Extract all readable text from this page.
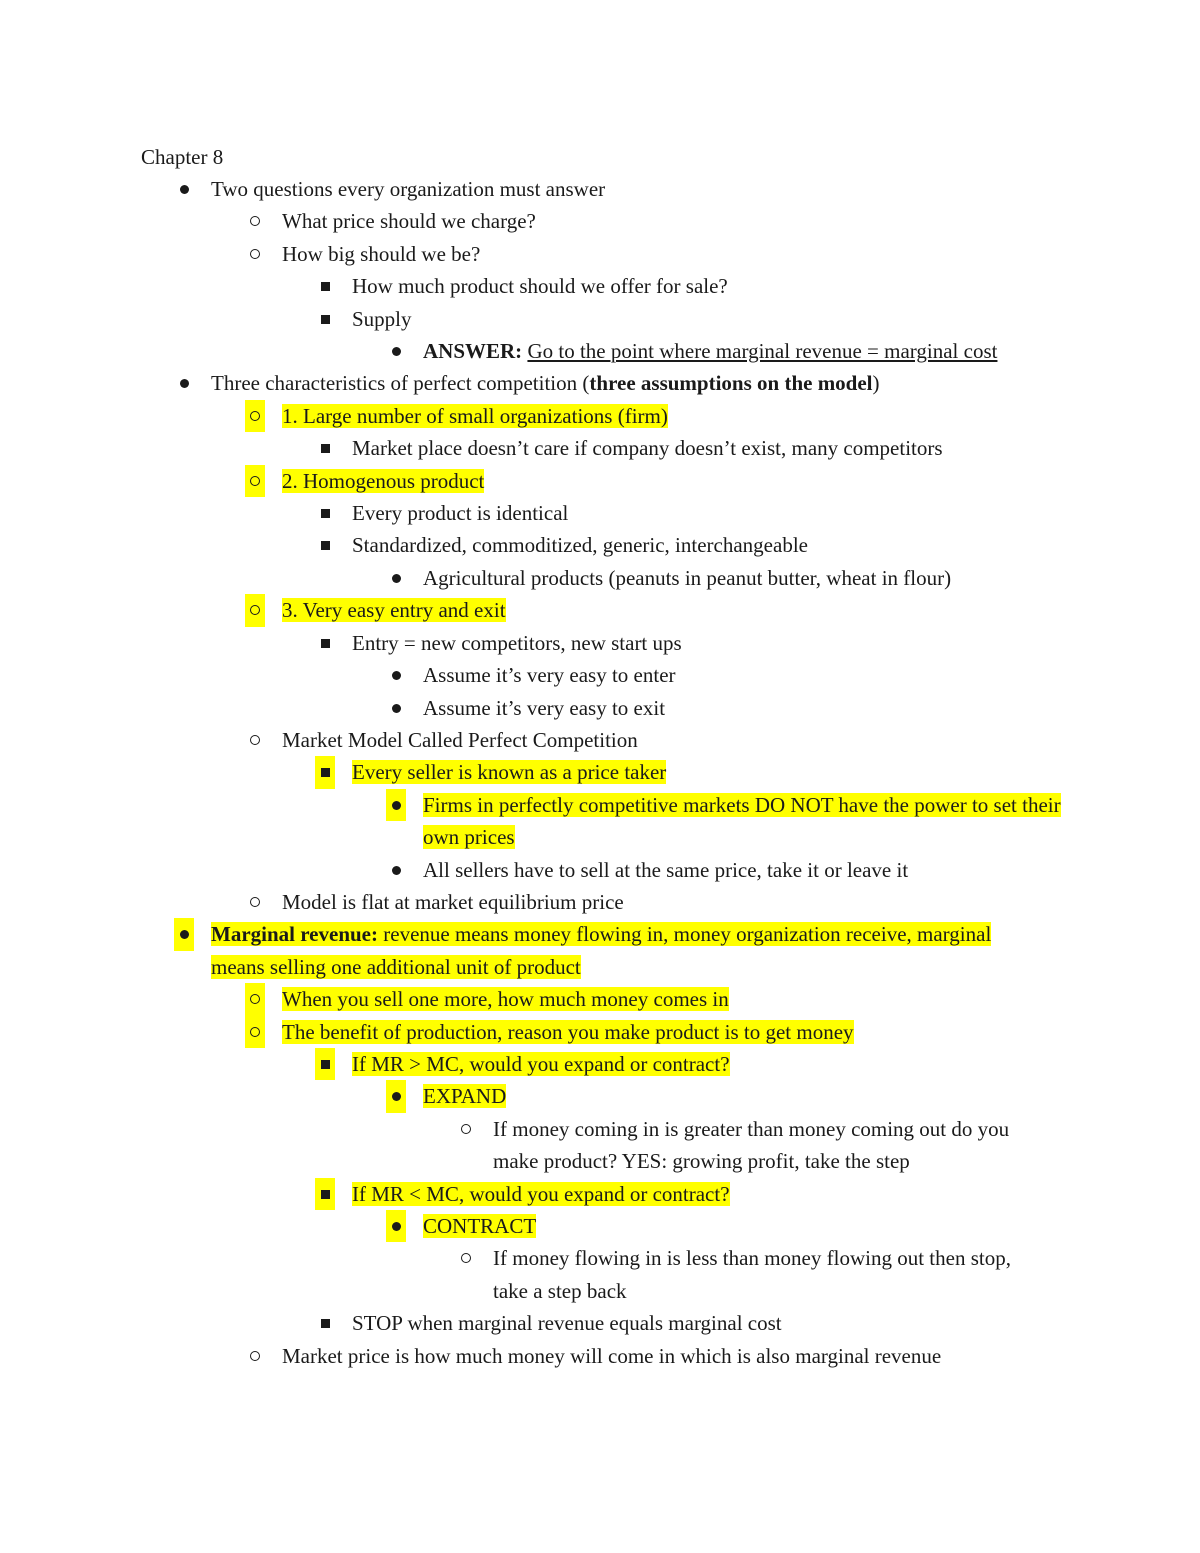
Chapter 8
Two questions every organization must answer
What price should we charge?
How big should we be?
How much product should we offer for sale?
Supply
ANSWER: Go to the point where marginal revenue = marginal cost
Three characteristics of perfect competition (three assumptions on the model)
1. Large number of small organizations (firm)
Market place doesn’t care if company doesn’t exist, many competitors
2. Homogenous product
Every product is identical
Standardized, commoditized, generic, interchangeable
Agricultural products (peanuts in peanut butter, wheat in flour)
3. Very easy entry and exit
Entry = new competitors, new start ups
Assume it’s very easy to enter
Assume it’s very easy to exit
Market Model Called Perfect Competition
Every seller is known as a price taker
Firms in perfectly competitive markets DO NOT have the power to set their own prices
All sellers have to sell at the same price, take it or leave it
Model is flat at market equilibrium price
Marginal revenue: revenue means money flowing in, money organization receive, marginal means selling one additional unit of product
When you sell one more, how much money comes in
The benefit of production, reason you make product is to get money
If MR > MC, would you expand or contract?
EXPAND
If money coming in is greater than money coming out do you make product? YES: growing profit, take the step
If MR < MC, would you expand or contract?
CONTRACT
If money flowing in is less than money flowing out then stop, take a step back
STOP when marginal revenue equals marginal cost
Market price is how much money will come in which is also marginal revenue
